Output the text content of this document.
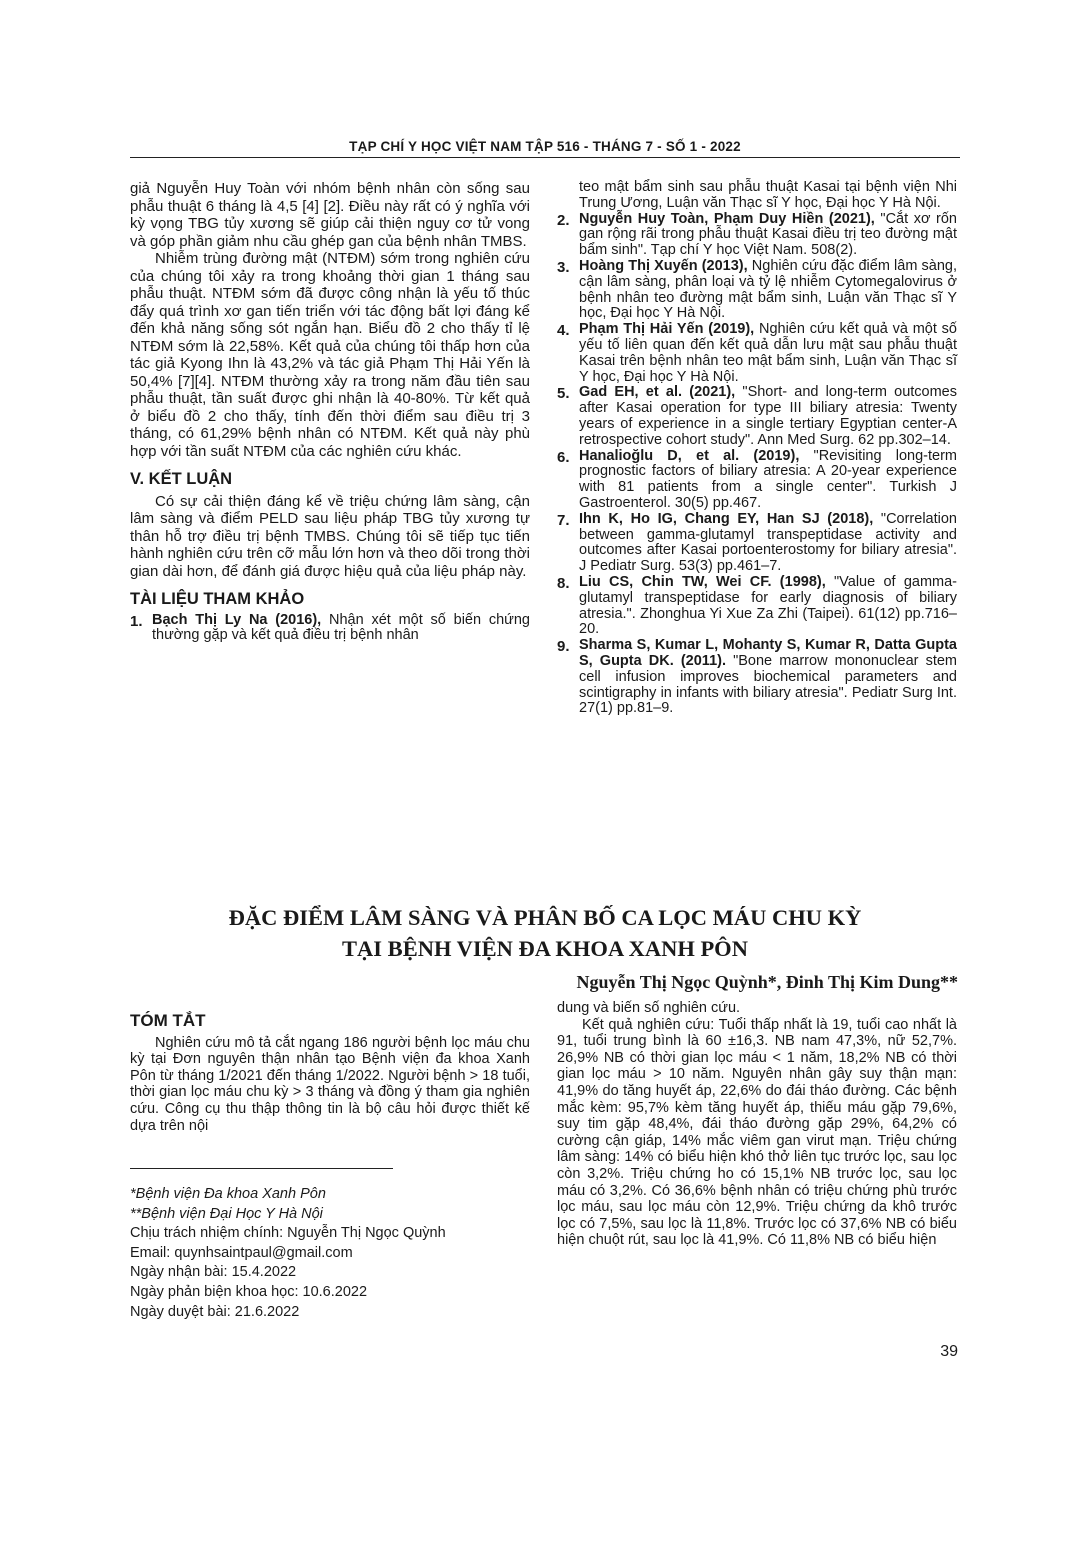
TẠP CHÍ Y HỌC VIỆT NAM TẬP 516 - THÁNG 7 - SỐ 1 - 2022

giả Nguyễn Huy Toàn với nhóm bệnh nhân còn sống sau phẫu thuật 6 tháng là 4,5 [4] [2]. Điều này rất có ý nghĩa với kỳ vọng TBG tủy xương sẽ giúp cải thiện nguy cơ tử vong và góp phần giảm nhu cầu ghép gan của bệnh nhân TMBS.

Nhiễm trùng đường mật (NTĐM) sớm trong nghiên cứu của chúng tôi xảy ra trong khoảng thời gian 1 tháng sau phẫu thuật. NTĐM sớm đã được công nhận là yếu tố thúc đẩy quá trình xơ gan tiến triển với tác động bất lợi đáng kể đến khả năng sống sót ngắn hạn. Biểu đồ 2 cho thấy tỉ lệ NTĐM sớm là 22,58%. Kết quả của chúng tôi thấp hơn của tác giả Kyong Ihn là 43,2% và tác giả Phạm Thị Hải Yến là 50,4% [7][4]. NTĐM thường xảy ra trong năm đầu tiên sau phẫu thuật, tần suất được ghi nhận là 40-80%. Từ kết quả ở biểu đồ 2 cho thấy, tính đến thời điểm sau điều trị 3 tháng, có 61,29% bệnh nhân có NTĐM. Kết quả này phù hợp với tần suất NTĐM của các nghiên cứu khác.

V. KẾT LUẬN

Có sự cải thiện đáng kể về triệu chứng lâm sàng, cận lâm sàng và điểm PELD sau liệu pháp TBG tủy xương tự thân hỗ trợ điều trị bệnh TMBS. Chúng tôi sẽ tiếp tục tiến hành nghiên cứu trên cỡ mẫu lớn hơn và theo dõi trong thời gian dài hơn, để đánh giá được hiệu quả của liệu pháp này.

TÀI LIỆU THAM KHẢO
1. Bạch Thị Ly Na (2016), Nhận xét một số biến chứng thường gặp và kết quả điều trị bệnh nhân
teo mật bẩm sinh sau phẫu thuật Kasai tại bệnh viện Nhi Trung Ương, Luận văn Thạc sĩ Y học, Đại học Y Hà Nội.
2. Nguyễn Huy Toàn, Phạm Duy Hiền (2021), "Cắt xơ rốn gan rộng rãi trong phẫu thuật Kasai điều trị teo đường mật bẩm sinh". Tạp chí Y học Việt Nam. 508(2).
3. Hoàng Thị Xuyến (2013), Nghiên cứu đặc điểm lâm sàng, cận lâm sàng, phân loại và tỷ lệ nhiễm Cytomegalovirus ở bệnh nhân teo đường mật bẩm sinh, Luận văn Thạc sĩ Y học, Đại học Y Hà Nội.
4. Phạm Thị Hải Yến (2019), Nghiên cứu kết quả và một số yếu tố liên quan đến kết quả dẫn lưu mật sau phẫu thuật Kasai trên bệnh nhân teo mật bẩm sinh, Luận văn Thạc sĩ Y học, Đại học Y Hà Nội.
5. Gad EH, et al. (2021), "Short- and long-term outcomes after Kasai operation for type III biliary atresia: Twenty years of experience in a single tertiary Egyptian center-A retrospective cohort study". Ann Med Surg. 62 pp.302–14.
6. Hanalioğlu D, et al. (2019), "Revisiting long-term prognostic factors of biliary atresia: A 20-year experience with 81 patients from a single center". Turkish J Gastroenterol. 30(5) pp.467.
7. Ihn K, Ho IG, Chang EY, Han SJ (2018), "Correlation between gamma-glutamyl transpeptidase activity and outcomes after Kasai portoenterostomy for biliary atresia". J Pediatr Surg. 53(3) pp.461–7.
8. Liu CS, Chin TW, Wei CF. (1998), "Value of gamma-glutamyl transpeptidase for early diagnosis of biliary atresia.". Zhonghua Yi Xue Za Zhi (Taipei). 61(12) pp.716–20.
9. Sharma S, Kumar L, Mohanty S, Kumar R, Datta Gupta S, Gupta DK. (2011). "Bone marrow mononuclear stem cell infusion improves biochemical parameters and scintigraphy in infants with biliary atresia". Pediatr Surg Int. 27(1) pp.81–9.
ĐẶC ĐIỂM LÂM SÀNG VÀ PHÂN BỐ CA LỌC MÁU CHU KỲ
TẠI BỆNH VIỆN ĐA KHOA XANH PÔN
Nguyễn Thị Ngọc Quỳnh*, Đinh Thị Kim Dung**
TÓM TẮT

Nghiên cứu mô tả cắt ngang 186 người bệnh lọc máu chu kỳ tại Đơn nguyên thận nhân tạo Bệnh viện đa khoa Xanh Pôn từ tháng 1/2021 đến tháng 1/2022. Người bệnh > 18 tuổi, thời gian lọc máu chu kỳ > 3 tháng và đồng ý tham gia nghiên cứu. Công cụ thu thập thông tin là bộ câu hỏi được thiết kế dựa trên nội

*Bệnh viện Đa khoa Xanh Pôn
**Bệnh viện Đại Học Y Hà Nội
Chịu trách nhiệm chính: Nguyễn Thị Ngọc Quỳnh
Email: quynhsaintpaul@gmail.com
Ngày nhận bài: 15.4.2022
Ngày phản biện khoa học: 10.6.2022
Ngày duyệt bài: 21.6.2022

dung và biến số nghiên cứu.

Kết quả nghiên cứu: Tuổi thấp nhất là 19, tuổi cao nhất là 91, tuổi trung bình là 60 ±16,3. NB nam 47,3%, nữ 52,7%. 26,9% NB có thời gian lọc máu < 1 năm, 18,2% NB có thời gian lọc máu > 10 năm. Nguyên nhân gây suy thận mạn: 41,9% do tăng huyết áp, 22,6% do đái tháo đường. Các bệnh mắc kèm: 95,7% kèm tăng huyết áp, thiếu máu gặp 79,6%, suy tim gặp 48,4%, đái tháo đường gặp 29%, 64,2% có cường cận giáp, 14% mắc viêm gan virut mạn. Triệu chứng lâm sàng: 14% có biểu hiện khó thở liên tục trước lọc, sau lọc còn 3,2%. Triệu chứng ho có 15,1% NB trước lọc, sau lọc máu có 3,2%. Có 36,6% bệnh nhân có triệu chứng phù trước lọc máu, sau lọc máu còn 12,9%. Triệu chứng da khô trước lọc có 7,5%, sau lọc là 11,8%. Trước lọc có 37,6% NB có biểu hiện chuột rút, sau lọc là 41,9%. Có 11,8% NB có biểu hiện

39
